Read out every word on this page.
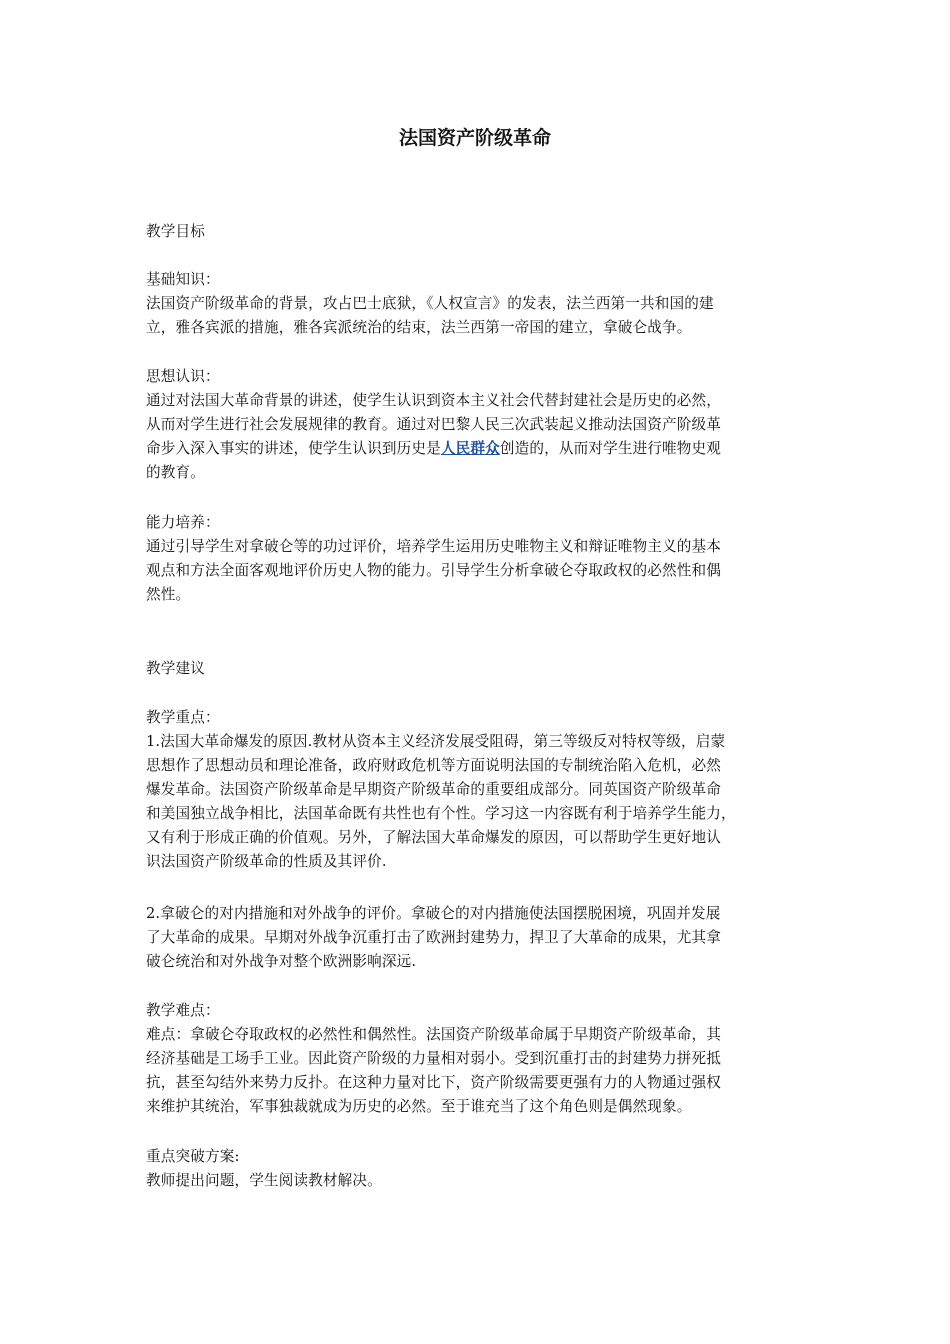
法国资产阶级革命

教学目标

基础知识：
法国资产阶级革命的背景，攻占巴士底狱，《人权宣言》的发表，法兰西第一共和国的建
立，雅各宾派的措施，雅各宾派统治的结束，法兰西第一帝国的建立，拿破仑战争。
思想认识：
通过对法国大革命背景的讲述，使学生认识到资本主义社会代替封建社会是历史的必然，
从而对学生进行社会发展规律的教育。通过对巴黎人民三次武装起义推动法国资产阶级革
命步入深入事实的讲述，使学生认识到历史是人民群众创造的，从而对学生进行唯物史观
的教育。
能力培养：
通过引导学生对拿破仑等的功过评价，培养学生运用历史唯物主义和辩证唯物主义的基本
观点和方法全面客观地评价历史人物的能力。引导学生分析拿破仑夺取政权的必然性和偶
然性。

教学建议

教学重点：
1.法国大革命爆发的原因.教材从资本主义经济发展受阻碍，第三等级反对特权等级，启蒙
思想作了思想动员和理论准备，政府财政危机等方面说明法国的专制统治陷入危机，必然
爆发革命。法国资产阶级革命是早期资产阶级革命的重要组成部分。同英国资产阶级革命
和美国独立战争相比，法国革命既有共性也有个性。学习这一内容既有利于培养学生能力，
又有利于形成正确的价值观。另外，了解法国大革命爆发的原因，可以帮助学生更好地认
识法国资产阶级革命的性质及其评价.
2.拿破仑的对内措施和对外战争的评价。拿破仑的对内措施使法国摆脱困境，巩固并发展
了大革命的成果。早期对外战争沉重打击了欧洲封建势力，捍卫了大革命的成果，尤其拿
破仑统治和对外战争对整个欧洲影响深远.
教学难点：
难点：拿破仑夺取政权的必然性和偶然性。法国资产阶级革命属于早期资产阶级革命，其
经济基础是工场手工业。因此资产阶级的力量相对弱小。受到沉重打击的封建势力拼死抵
抗，甚至勾结外来势力反扑。在这种力量对比下，资产阶级需要更强有力的人物通过强权
来维护其统治，军事独裁就成为历史的必然。至于谁充当了这个角色则是偶然现象。
重点突破方案:
教师提出问题，学生阅读教材解决。
